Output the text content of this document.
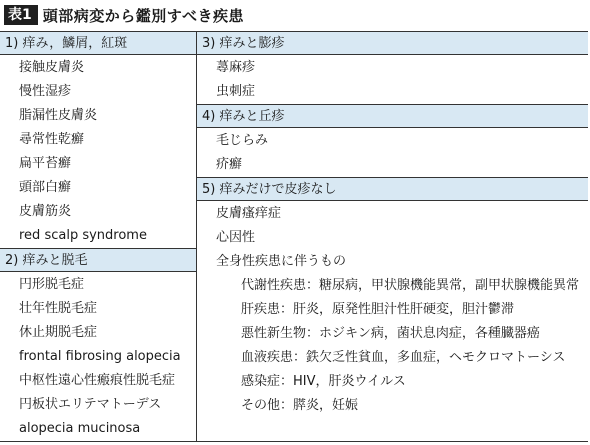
表1 頭部病変から鑑別すべき疾患
1) 痒み，鱗屑，紅斑
接触皮膚炎
慢性湿疹
脂漏性皮膚炎
尋常性乾癬
扁平苔癬
頭部白癬
皮膚筋炎
red scalp syndrome
2) 痒みと脱毛
円形脱毛症
壮年性脱毛症
休止期脱毛症
frontal fibrosing alopecia
中枢性遠心性瘢痕性脱毛症
円板状エリテマトーデス
alopecia mucinosa
3) 痒みと膨疹
蕁麻疹
虫刺症
4) 痒みと丘疹
毛じらみ
疥癬
5) 痒みだけで皮疹なし
皮膚瘙痒症
心因性
全身性疾患に伴うもの
代謝性疾患：糖尿病，甲状腺機能異常，副甲状腺機能異常
肝疾患：肝炎，原発性胆汁性肝硬変，胆汁鬱滞
悪性新生物：ホジキン病，菌状息肉症，各種臓器癌
血液疾患：鉄欠乏性貧血，多血症，ヘモクロマトーシス
感染症：HIV，肝炎ウイルス
その他：膵炎，妊娠
